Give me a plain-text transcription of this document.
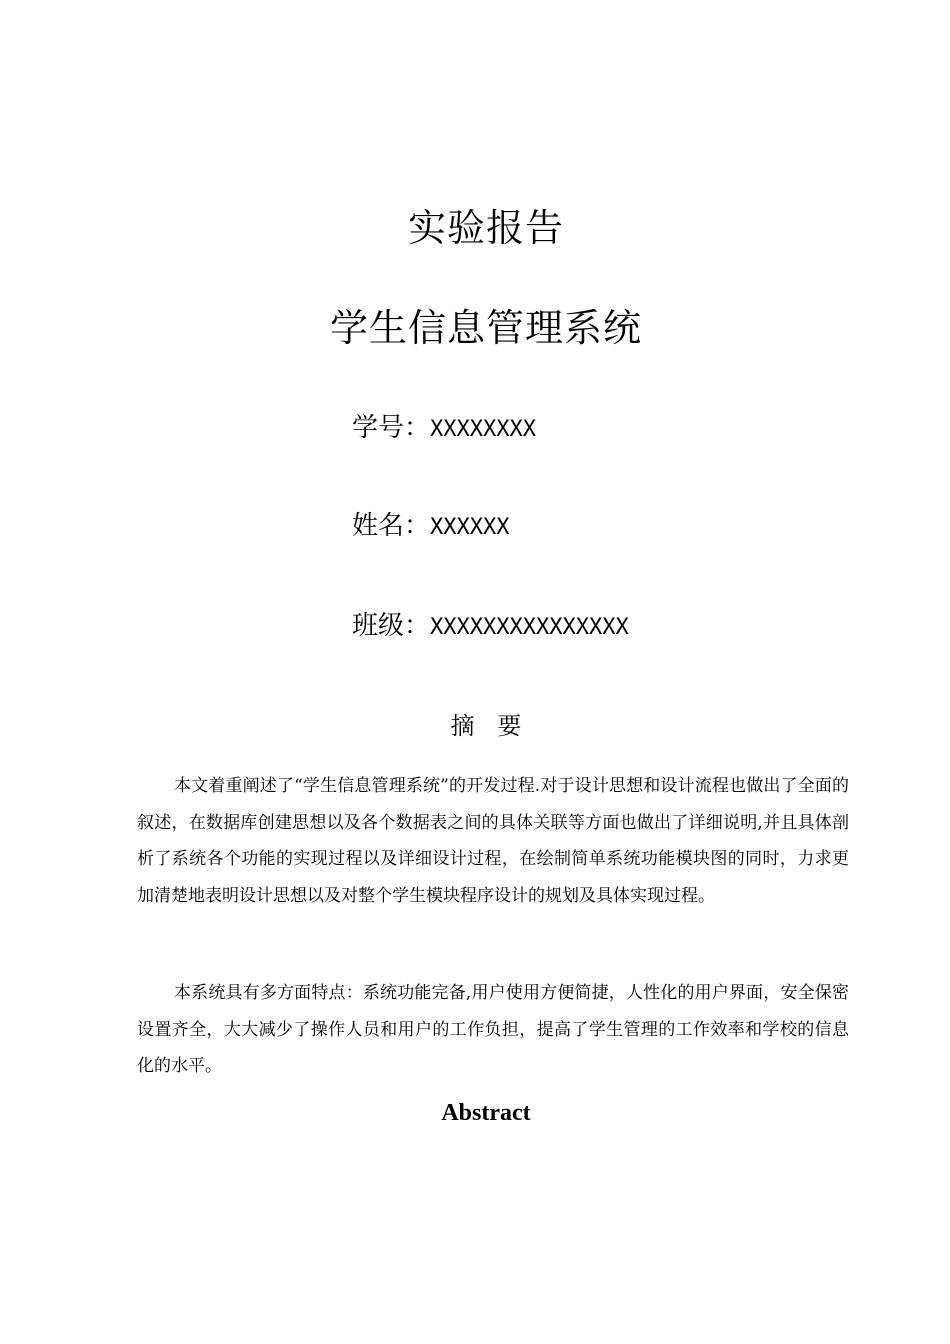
实验报告
学生信息管理系统
学号：XXXXXXXX
姓名：XXXXXX
班级：XXXXXXXXXXXXXXX
摘   要

本文着重阐述了“学生信息管理系统”的开发过程.对于设计思想和设计流程也做出了全面的叙述，在数据库创建思想以及各个数据表之间的具体关联等方面也做出了详细说明,并且具体剖析了系统各个功能的实现过程以及详细设计过程，在绘制简单系统功能模块图的同时，力求更加清楚地表明设计思想以及对整个学生模块程序设计的规划及具体实现过程。

本系统具有多方面特点：系统功能完备,用户使用方便简捷，人性化的用户界面，安全保密设置齐全，大大减少了操作人员和用户的工作负担，提高了学生管理的工作效率和学校的信息化的水平。

Abstract
